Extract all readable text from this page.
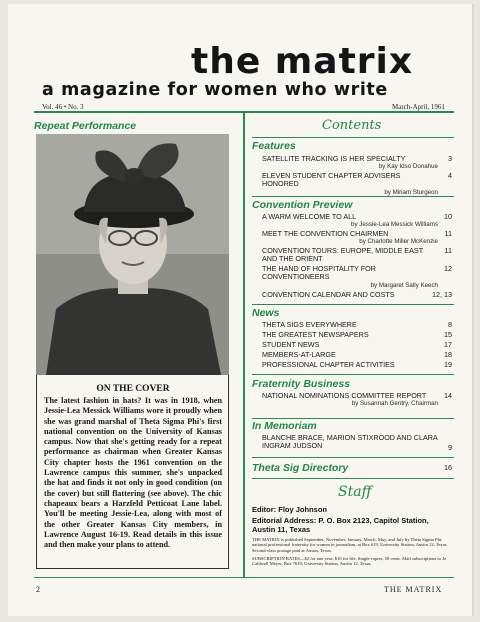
the matrix
a magazine for women who write
Vol. 46 • No. 3	March-April, 1961
Repeat Performance
ON THE COVER
The latest fashion in hats? It was in 1918, when Jessie-Lea Messick Williams wore it proudly when she was grand marshal of Theta Sigma Phi's first national convention on the University of Kansas campus. Now that she's getting ready for a repeat performance as chairman when Greater Kansas City chapter hosts the 1961 convention on the Lawrence campus this summer, she's unpacked the hat and finds it not only in good condition (on the cover) but still flattering (see above). The chic chapeaux bears a Harzfeld Petticoat Lane label. You'll be meeting Jessie-Lea, along with most of the other Greater Kansas City members, in Lawrence August 16-19. Read details in this issue and then make your plans to attend.
Contents
Features
SATELLITE TRACKING IS HER SPECIALTY	3
by Kay Idso Donahue
ELEVEN STUDENT CHAPTER ADVISERS HONORED
4
by Miriam Sturgeon
Convention Preview
A WARM WELCOME TO ALL	10
by Jessie-Lea Messick Williams
MEET THE CONVENTION CHAIRMEN	11
by Charlotte Miller McKenzie
CONVENTION TOURS: EUROPE, MIDDLE EAST AND THE ORIENT
11
THE HAND OF HOSPITALITY FOR CONVENTIONEERS
12
by Margaret Sally Keech
CONVENTION CALENDAR AND COSTS	12, 13
News
THETA SIGS EVERYWHERE	8
THE GREATEST NEWSPAPERS	15
STUDENT NEWS	17
MEMBERS-AT-LARGE	18
PROFESSIONAL CHAPTER ACTIVITIES	19
Fraternity Business
NATIONAL NOMINATIONS COMMITTEE REPORT	14
by Susannah Gentry, Chairman
In Memoriam
BLANCHE BRACE, MARION STIXROOD AND CLARA INGRAM JUDSON	9
Theta Sig Directory	16
Staff
Editor: Floy Johnson
Editorial Address: P. O. Box 2123, Capitol Station, Austin 11, Texas
THE MATRIX is published September, November, January, March, May, and July by Theta Sigma Phi, national professional fraternity for women in journalism, at Box 619, University Station, Austin 12, Texas. Second-class postage paid at Austin, Texas.
SUBSCRIPTION RATES—$2 for one year; $10 for life. Single copies, 50 cents. Mail subscriptions to Jo Caldwell Meyer, Box 7619, University Station, Austin 12, Texas.
2	THE MATRIX
